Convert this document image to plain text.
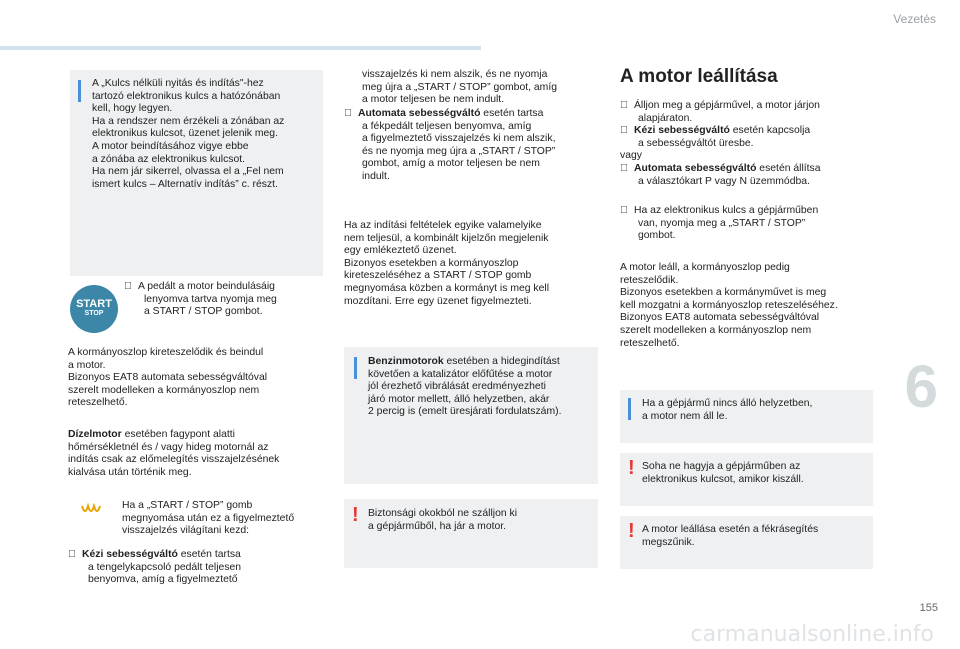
Vezetés
A „Kulcs nélküli nyitás és indítás"-hez
tartozó elektronikus kulcs a hatózónában
kell, hogy legyen.
Ha a rendszer nem érzékeli a zónában az
elektronikus kulcsot, üzenet jelenik meg.
A motor beindításához vigye ebbe
a zónába az elektronikus kulcsot.
Ha nem jár sikerrel, olvassa el a „Fel nem
ismert kulcs – Alternatív indítás” c. részt.
START
STOP
A pedált a motor beindulásáig
lenyomva tartva nyomja meg
a START / STOP gombot.
A kormányoszlop kireteszelődik és beindul
a motor.
Bizonyos EAT8 automata sebességváltóval
szerelt modelleken a kormányoszlop nem
reteszelhető.
Dízelmotor esetében fagypont alatti
hőmérsékletnél és / vagy hideg motornál az
indítás csak az előmelegítés visszajelzésének
kialvása után történik meg.
Ha a „START / STOP” gomb
megnyomása után ez a figyelmeztető
visszajelzés világítani kezd:
Kézi sebességváltó esetén tartsa
a tengelykapcsoló pedált teljesen
benyomva, amíg a figyelmeztető
visszajelzés ki nem alszik, és ne nyomja
meg újra a „START / STOP” gombot, amíg
a motor teljesen be nem indult.
Automata sebességváltó esetén tartsa
a fékpedált teljesen benyomva, amíg
a figyelmeztető visszajelzés ki nem alszik,
és ne nyomja meg újra a „START / STOP”
gombot, amíg a motor teljesen be nem
indult.
Ha az indítási feltételek egyike valamelyike
nem teljesül, a kombinált kijelzőn megjelenik
egy emlékeztető üzenet.
Bizonyos esetekben a kormányoszlop
kireteszeléséhez a START / STOP gomb
megnyomása közben a kormányt is meg kell
mozdítani. Erre egy üzenet figyelmezteti.
Benzinmotorok esetében a hidegindítást
követően a katalizátor előfűtése a motor
jól érezhető vibrálását eredményezheti
járó motor mellett, álló helyzetben, akár
2 percig is (emelt üresjárati fordulatszám).
! Biztonsági okokból ne szálljon ki
a gépjárműből, ha jár a motor.
A motor leállítása
Álljon meg a gépjárművel, a motor járjon
alapjáraton.
Kézi sebességváltó esetén kapcsolja
a sebességváltót üresbe.
vagy
Automata sebességváltó esetén állítsa
a választókart P vagy N üzemmódba.
Ha az elektronikus kulcs a gépjárműben
van, nyomja meg a „START / STOP”
gombot.
A motor leáll, a kormányoszlop pedig
reteszelődik.
Bizonyos esetekben a kormányművet is meg
kell mozgatni a kormányoszlop reteszeléséhez.
Bizonyos EAT8 automata sebességváltóval
szerelt modelleken a kormányoszlop nem
reteszelhető.
Ha a gépjármű nincs álló helyzetben,
a motor nem áll le.
! Soha ne hagyja a gépjárműben az
elektronikus kulcsot, amikor kiszáll.
! A motor leállása esetén a fékrásegítés
megszűnik.
6
155
carmanualsonline.info
